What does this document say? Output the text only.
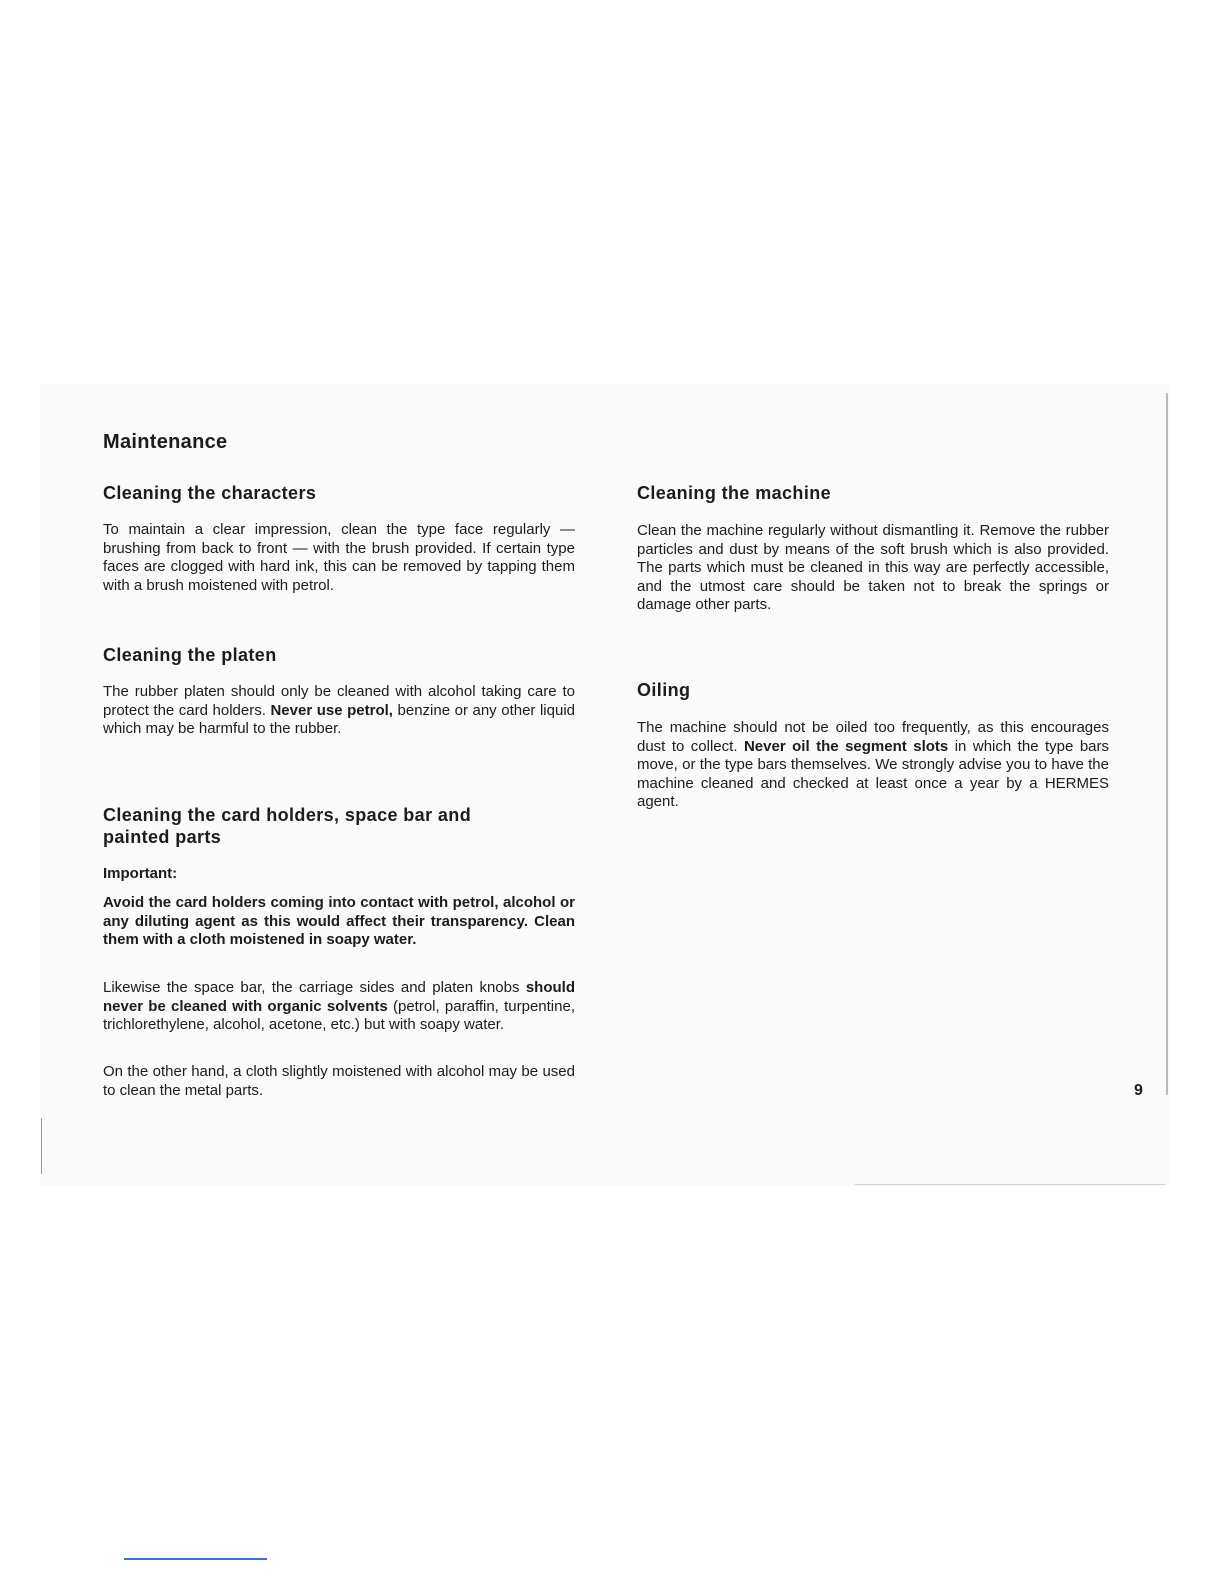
Maintenance
Cleaning the characters

To maintain a clear impression, clean the type face regularly — brushing from back to front — with the brush provided. If certain type faces are clogged with hard ink, this can be removed by tapping them with a brush moistened with petrol.

Cleaning the platen

The rubber platen should only be cleaned with alcohol taking care to protect the card holders. Never use petrol, benzine or any other liquid which may be harmful to the rubber.

Cleaning the card holders, space bar and painted parts

Important:

Avoid the card holders coming into contact with petrol, alcohol or any diluting agent as this would affect their transparency. Clean them with a cloth moistened in soapy water.

Likewise the space bar, the carriage sides and platen knobs should never be cleaned with organic solvents (petrol, paraffin, turpentine, trichlorethylene, alcohol, acetone, etc.) but with soapy water.

On the other hand, a cloth slightly moistened with alcohol may be used to clean the metal parts.

Cleaning the machine

Clean the machine regularly without dismantling it. Remove the rubber particles and dust by means of the soft brush which is also provided. The parts which must be cleaned in this way are perfectly accessible, and the utmost care should be taken not to break the springs or damage other parts.

Oiling

The machine should not be oiled too frequently, as this encourages dust to collect. Never oil the segment slots in which the type bars move, or the type bars themselves. We strongly advise you to have the machine cleaned and checked at least once a year by a HERMES agent.

9
